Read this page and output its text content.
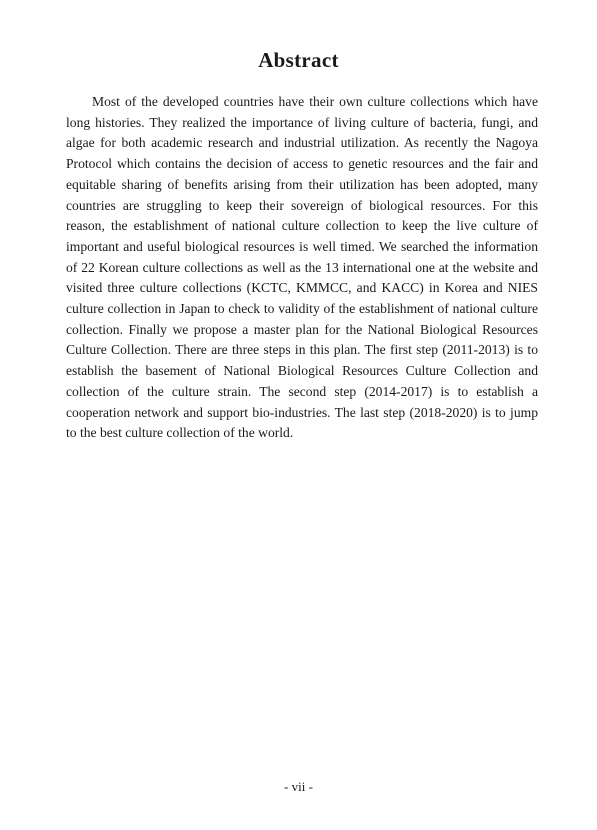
Abstract

Most of the developed countries have their own culture collections which have long histories. They realized the importance of living culture of bacteria, fungi, and algae for both academic research and industrial utilization. As recently the Nagoya Protocol which contains the decision of access to genetic resources and the fair and equitable sharing of benefits arising from their utilization has been adopted, many countries are struggling to keep their sovereign of biological resources. For this reason, the establishment of national culture collection to keep the live culture of important and useful biological resources is well timed. We searched the information of 22 Korean culture collections as well as the 13 international one at the website and visited three culture collections (KCTC, KMMCC, and KACC) in Korea and NIES culture collection in Japan to check to validity of the establishment of national culture collection. Finally we propose a master plan for the National Biological Resources Culture Collection. There are three steps in this plan. The first step (2011-2013) is to establish the basement of National Biological Resources Culture Collection and collection of the culture strain. The second step (2014-2017) is to establish a cooperation network and support bio-industries. The last step (2018-2020) is to jump to the best culture collection of the world.

- vii -
